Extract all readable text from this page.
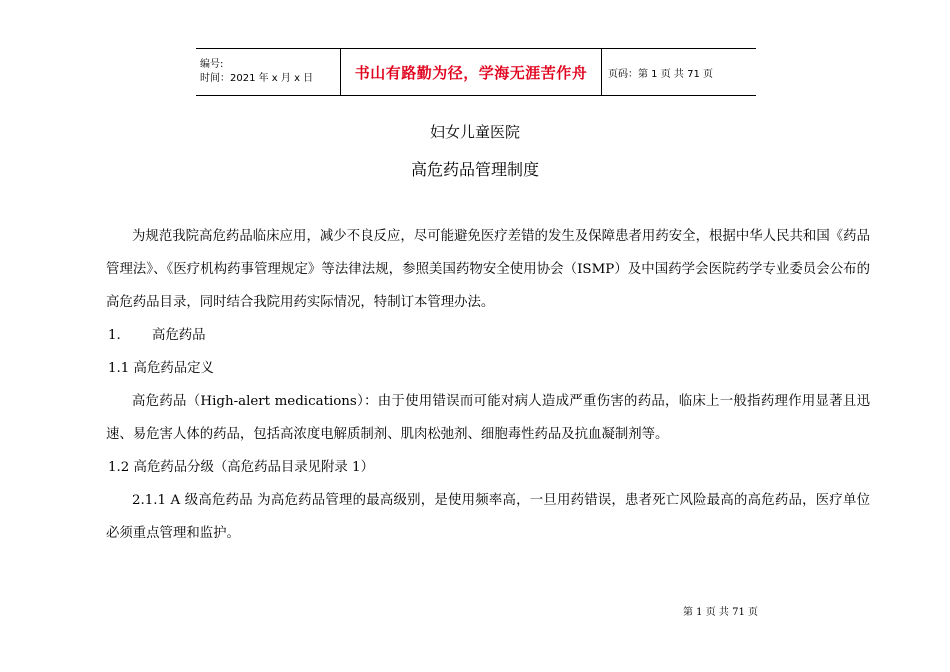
编号:
时间：2021 年 x 月 x 日	书山有路勤为径，学海无涯苦作舟 页码：第 1 页 共 71 页
妇女儿童医院
高危药品管理制度

为规范我院高危药品临床应用，减少不良反应，尽可能避免医疗差错的发生及保障患者用药安全，根据中华人民共和国《药品管理法》、《医疗机构药事管理规定》等法律法规，参照美国药物安全使用协会（ISMP）及中国药学会医院药学专业委员会公布的高危药品目录，同时结合我院用药实际情况，特制订本管理办法。

1. 高危药品

1.1 高危药品定义

高危药品（High-alert medications）：由于使用错误而可能对病人造成严重伤害的药品，临床上一般指药理作用显著且迅速、易危害人体的药品，包括高浓度电解质制剂、肌肉松弛剂、细胞毒性药品及抗血凝制剂等。

1.2 高危药品分级（高危药品目录见附录 1）

2.1.1 A 级高危药品 为高危药品管理的最高级别，是使用频率高，一旦用药错误，患者死亡风险最高的高危药品，医疗单位必须重点管理和监护。

第 1 页 共 71 页
